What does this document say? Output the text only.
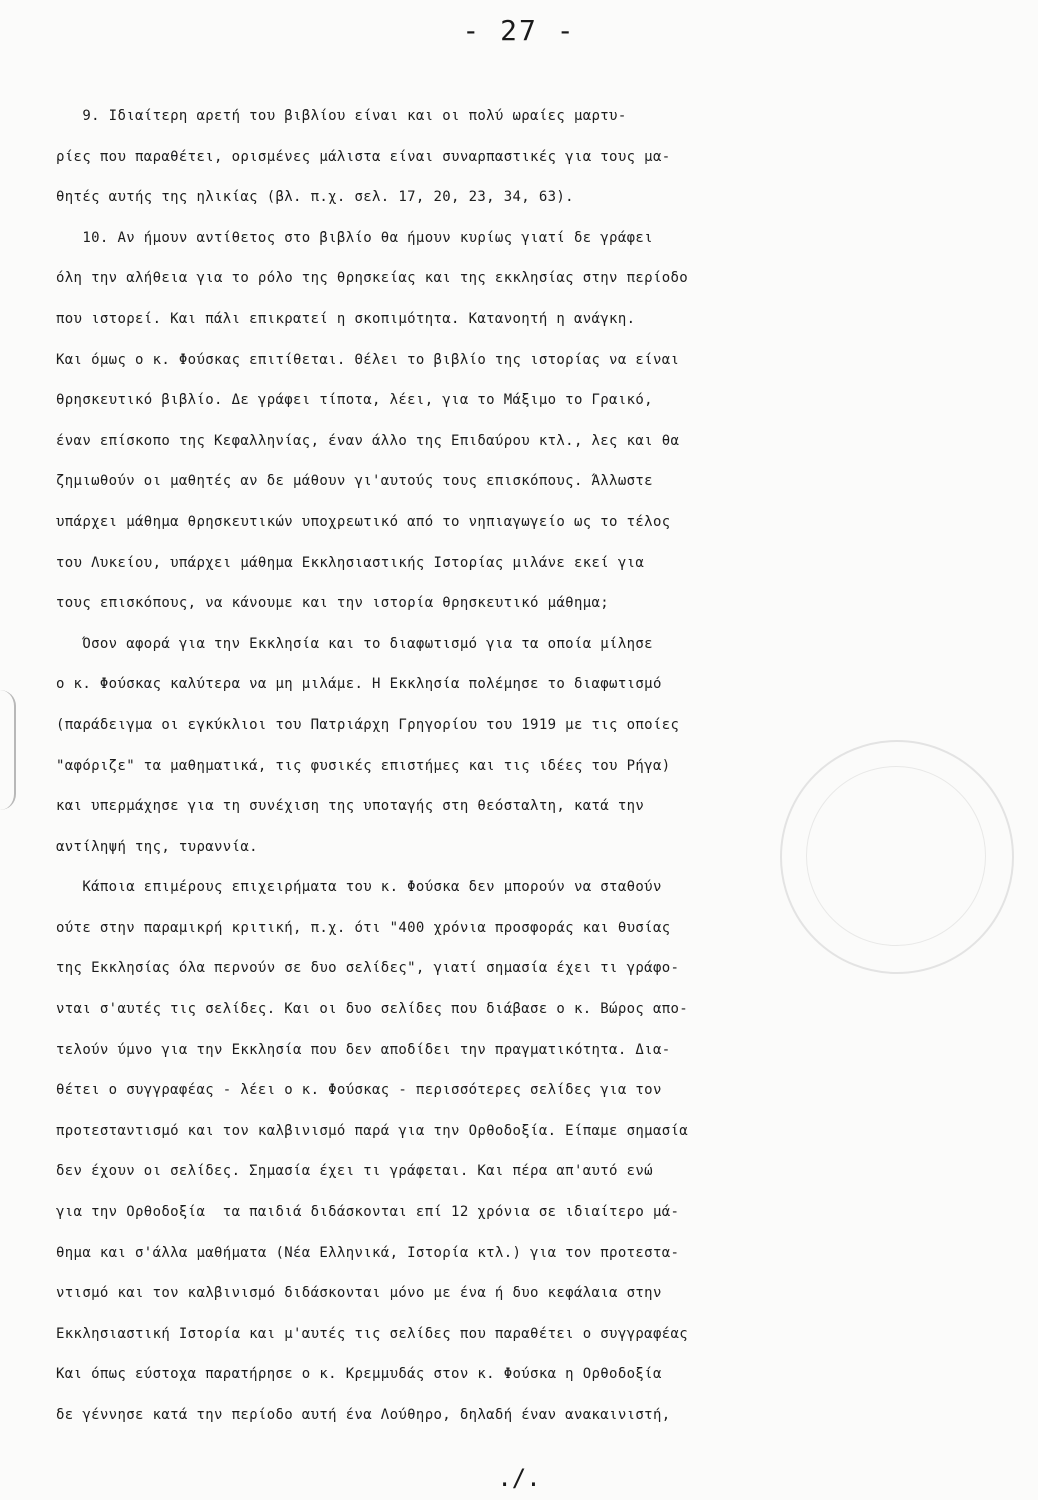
- 27 -
9. Ιδιαίτερη αρετή του βιβλίου είναι και οι πολύ ωραίες μαρτυ-
ρίες που παραθέτει, ορισμένες μάλιστα είναι συναρπαστικές για τους μα-
θητές αυτής της ηλικίας (βλ. π.χ. σελ. 17, 20, 23, 34, 63).
10. Αν ήμουν αντίθετος στο βιβλίο θα ήμουν κυρίως γιατί δε γράφει
όλη την αλήθεια για το ρόλο της θρησκείας και της εκκλησίας στην περίοδο
που ιστορεί. Και πάλι επικρατεί η σκοπιμότητα. Κατανοητή η ανάγκη.
Και όμως ο κ. Φούσκας επιτίθεται. Θέλει το βιβλίο της ιστορίας να είναι
θρησκευτικό βιβλίο. Δε γράφει τίποτα, λέει, για το Μάξιμο το Γραικό,
έναν επίσκοπο της Κεφαλληνίας, έναν άλλο της Επιδαύρου κτλ., λες και θα
ζημιωθούν οι μαθητές αν δε μάθουν γι'αυτούς τους επισκόπους. Άλλωστε
υπάρχει μάθημα θρησκευτικών υποχρεωτικό από το νηπιαγωγείο ως το τέλος
του Λυκείου, υπάρχει μάθημα Εκκλησιαστικής Ιστορίας μιλάνε εκεί για
τους επισκόπους, να κάνουμε και την ιστορία θρησκευτικό μάθημα;
Όσον αφορά για την Εκκλησία και το διαφωτισμό για τα οποία μίλησε
ο κ. Φούσκας καλύτερα να μη μιλάμε. Η Εκκλησία πολέμησε το διαφωτισμό
(παράδειγμα οι εγκύκλιοι του Πατριάρχη Γρηγορίου του 1919 με τις οποίες
"αφόριζε" τα μαθηματικά, τις φυσικές επιστήμες και τις ιδέες του Ρήγα)
και υπερμάχησε για τη συνέχιση της υποταγής στη θεόσταλτη, κατά την
αντίληψή της, τυραννία.
Κάποια επιμέρους επιχειρήματα του κ. Φούσκα δεν μπορούν να σταθούν
ούτε στην παραμικρή κριτική, π.χ. ότι "400 χρόνια προσφοράς και θυσίας
της Εκκλησίας όλα περνούν σε δυο σελίδες", γιατί σημασία έχει τι γράφο-
νται σ'αυτές τις σελίδες. Και οι δυο σελίδες που διάβασε ο κ. Βώρος απο-
τελούν ύμνο για την Εκκλησία που δεν αποδίδει την πραγματικότητα. Δια-
θέτει ο συγγραφέας - λέει ο κ. Φούσκας - περισσότερες σελίδες για τον
προτεσταντισμό και τον καλβινισμό παρά για την Ορθοδοξία. Είπαμε σημασία
δεν έχουν οι σελίδες. Σημασία έχει τι γράφεται. Και πέρα απ'αυτό ενώ
για την Ορθοδοξία  τα παιδιά διδάσκονται επί 12 χρόνια σε ιδιαίτερο μά-
θημα και σ'άλλα μαθήματα (Νέα Ελληνικά, Ιστορία κτλ.) για τον προτεστα-
ντισμό και τον καλβινισμό διδάσκονται μόνο με ένα ή δυο κεφάλαια στην
Εκκλησιαστική Ιστορία και μ'αυτές τις σελίδες που παραθέτει ο συγγραφέας
Και όπως εύστοχα παρατήρησε ο κ. Κρεμμυδάς στον κ. Φούσκα η Ορθοδοξία
δε γέννησε κατά την περίοδο αυτή ένα Λούθηρο, δηλαδή έναν ανακαινιστή,
./.
